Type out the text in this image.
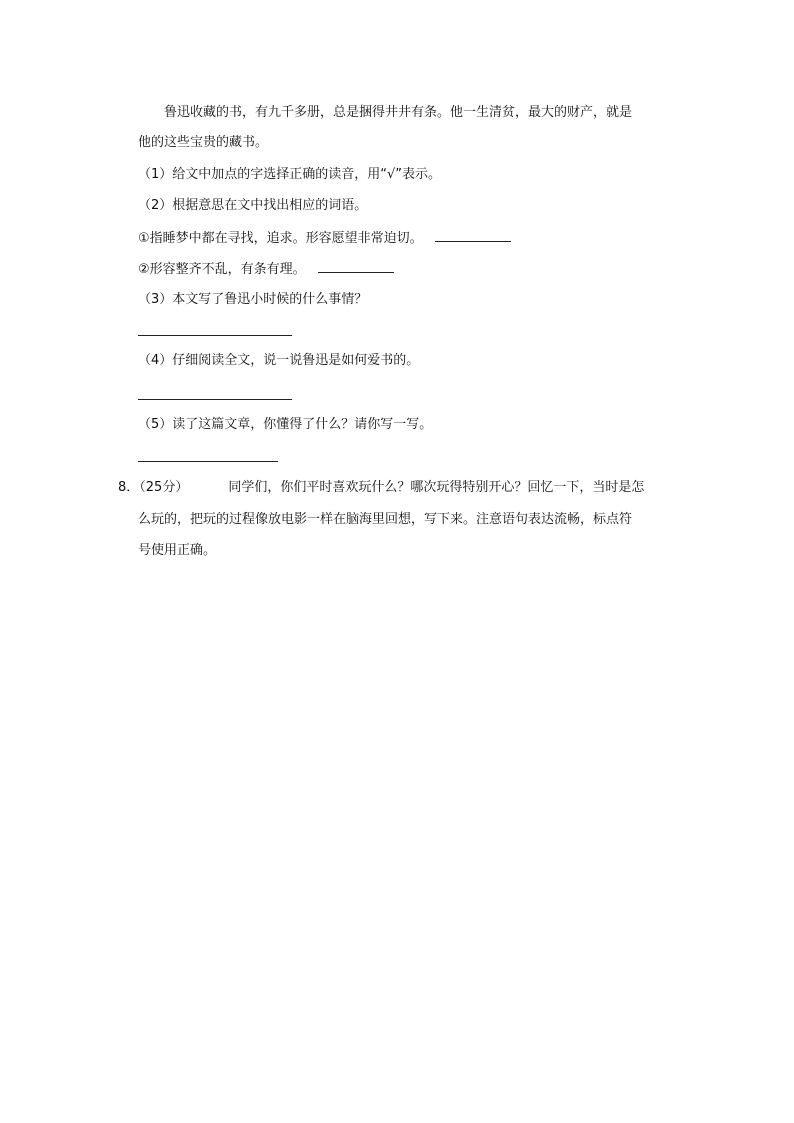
鲁迅收藏的书，有九千多册，总是捆得井井有条。他一生清贫，最大的财产，就是
他的这些宝贵的藏书。
（1）给文中加点的字选择正确的读音，用“√”表示。
（2）根据意思在文中找出相应的词语。
①指睡梦中都在寻找，追求。形容愿望非常迫切。
②形容整齐不乱，有条有理。
（3）本文写了鲁迅小时候的什么事情？
（4）仔细阅读全文，说一说鲁迅是如何爱书的。
（5）读了这篇文章，你懂得了什么？请你写一写。
8．（25分）	同学们，你们平时喜欢玩什么？哪次玩得特别开心？回忆一下，当时是怎
么玩的，把玩的过程像放电影一样在脑海里回想，写下来。注意语句表达流畅，标点符
号使用正确。
